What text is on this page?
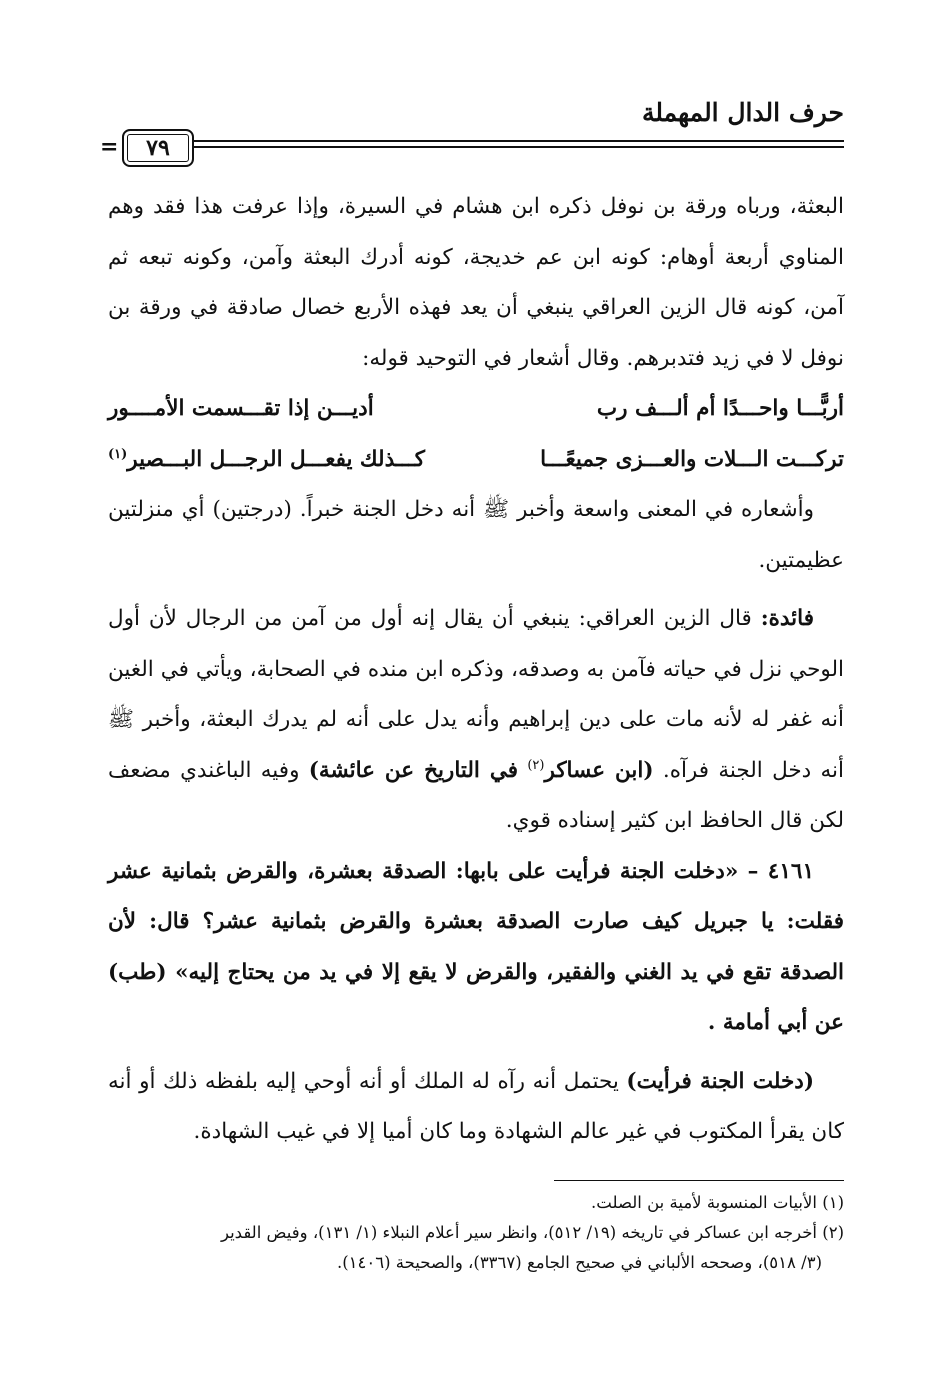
حرف الدال المهملة
= ٧٩

البعثة، ورباه ورقة بن نوفل ذكره ابن هشام في السيرة، وإذا عرفت هذا فقد وهم المناوي أربعة أوهام: كونه ابن عم خديجة، كونه أدرك البعثة وآمن، وكونه تبعه ثم آمن، كونه قال الزين العراقي ينبغي أن يعد فهذه الأربع خصال صادقة في ورقة بن نوفل لا في زيد فتدبرهم. وقال أشعار في التوحيد قوله:

أربًّـــا واحـــدًا أم ألـــف رب
أديـــن إذا تقـــسمت الأمــــور
تركـــت الـــلات والعـــزى جميعًـــا
كـــذلك يفعـــل الرجـــل البـــصير$^{(١)}$

وأشعاره في المعنى واسعة وأخبر ﷺ أنه دخل الجنة خبراً. (درجتين) أي منزلتين عظيمتين.

فائدة: قال الزين العراقي: ينبغي أن يقال إنه أول من آمن من الرجال لأن أول الوحي نزل في حياته فآمن به وصدقه، وذكره ابن منده في الصحابة، ويأتي في الغين أنه غفر له لأنه مات على دين إبراهيم وأنه يدل على أنه لم يدرك البعثة، وأخبر ﷺ أنه دخل الجنة فرآه. (ابن عساكر$^{(٢)}$ في التاريخ عن عائشة) وفيه الباغندي مضعف لكن قال الحافظ ابن كثير إسناده قوي.

٤١٦١ – «دخلت الجنة فرأيت على بابها: الصدقة بعشرة، والقرض بثمانية عشر فقلت: يا جبريل كيف صارت الصدقة بعشرة والقرض بثمانية عشر؟ قال: لأن الصدقة تقع في يد الغني والفقير، والقرض لا يقع إلا في يد من يحتاج إليه» (طب) عن أبي أمامة .

(دخلت الجنة فرأيت) يحتمل أنه رآه له الملك أو أنه أوحي إليه بلفظه ذلك أو أنه كان يقرأ المكتوب في غير عالم الشهادة وما كان أميا إلا في غيب الشهادة.

(١) الأبيات المنسوبة لأمية بن الصلت.

(٢) أخرجه ابن عساكر في تاريخه (١٩/ ٥١٢)، وانظر سير أعلام النبلاء (١/ ١٣١)، وفيض القدير

(٣/ ٥١٨)، وصححه الألباني في صحيح الجامع (٣٣٦٧)، والصحيحة (١٤٠٦).
